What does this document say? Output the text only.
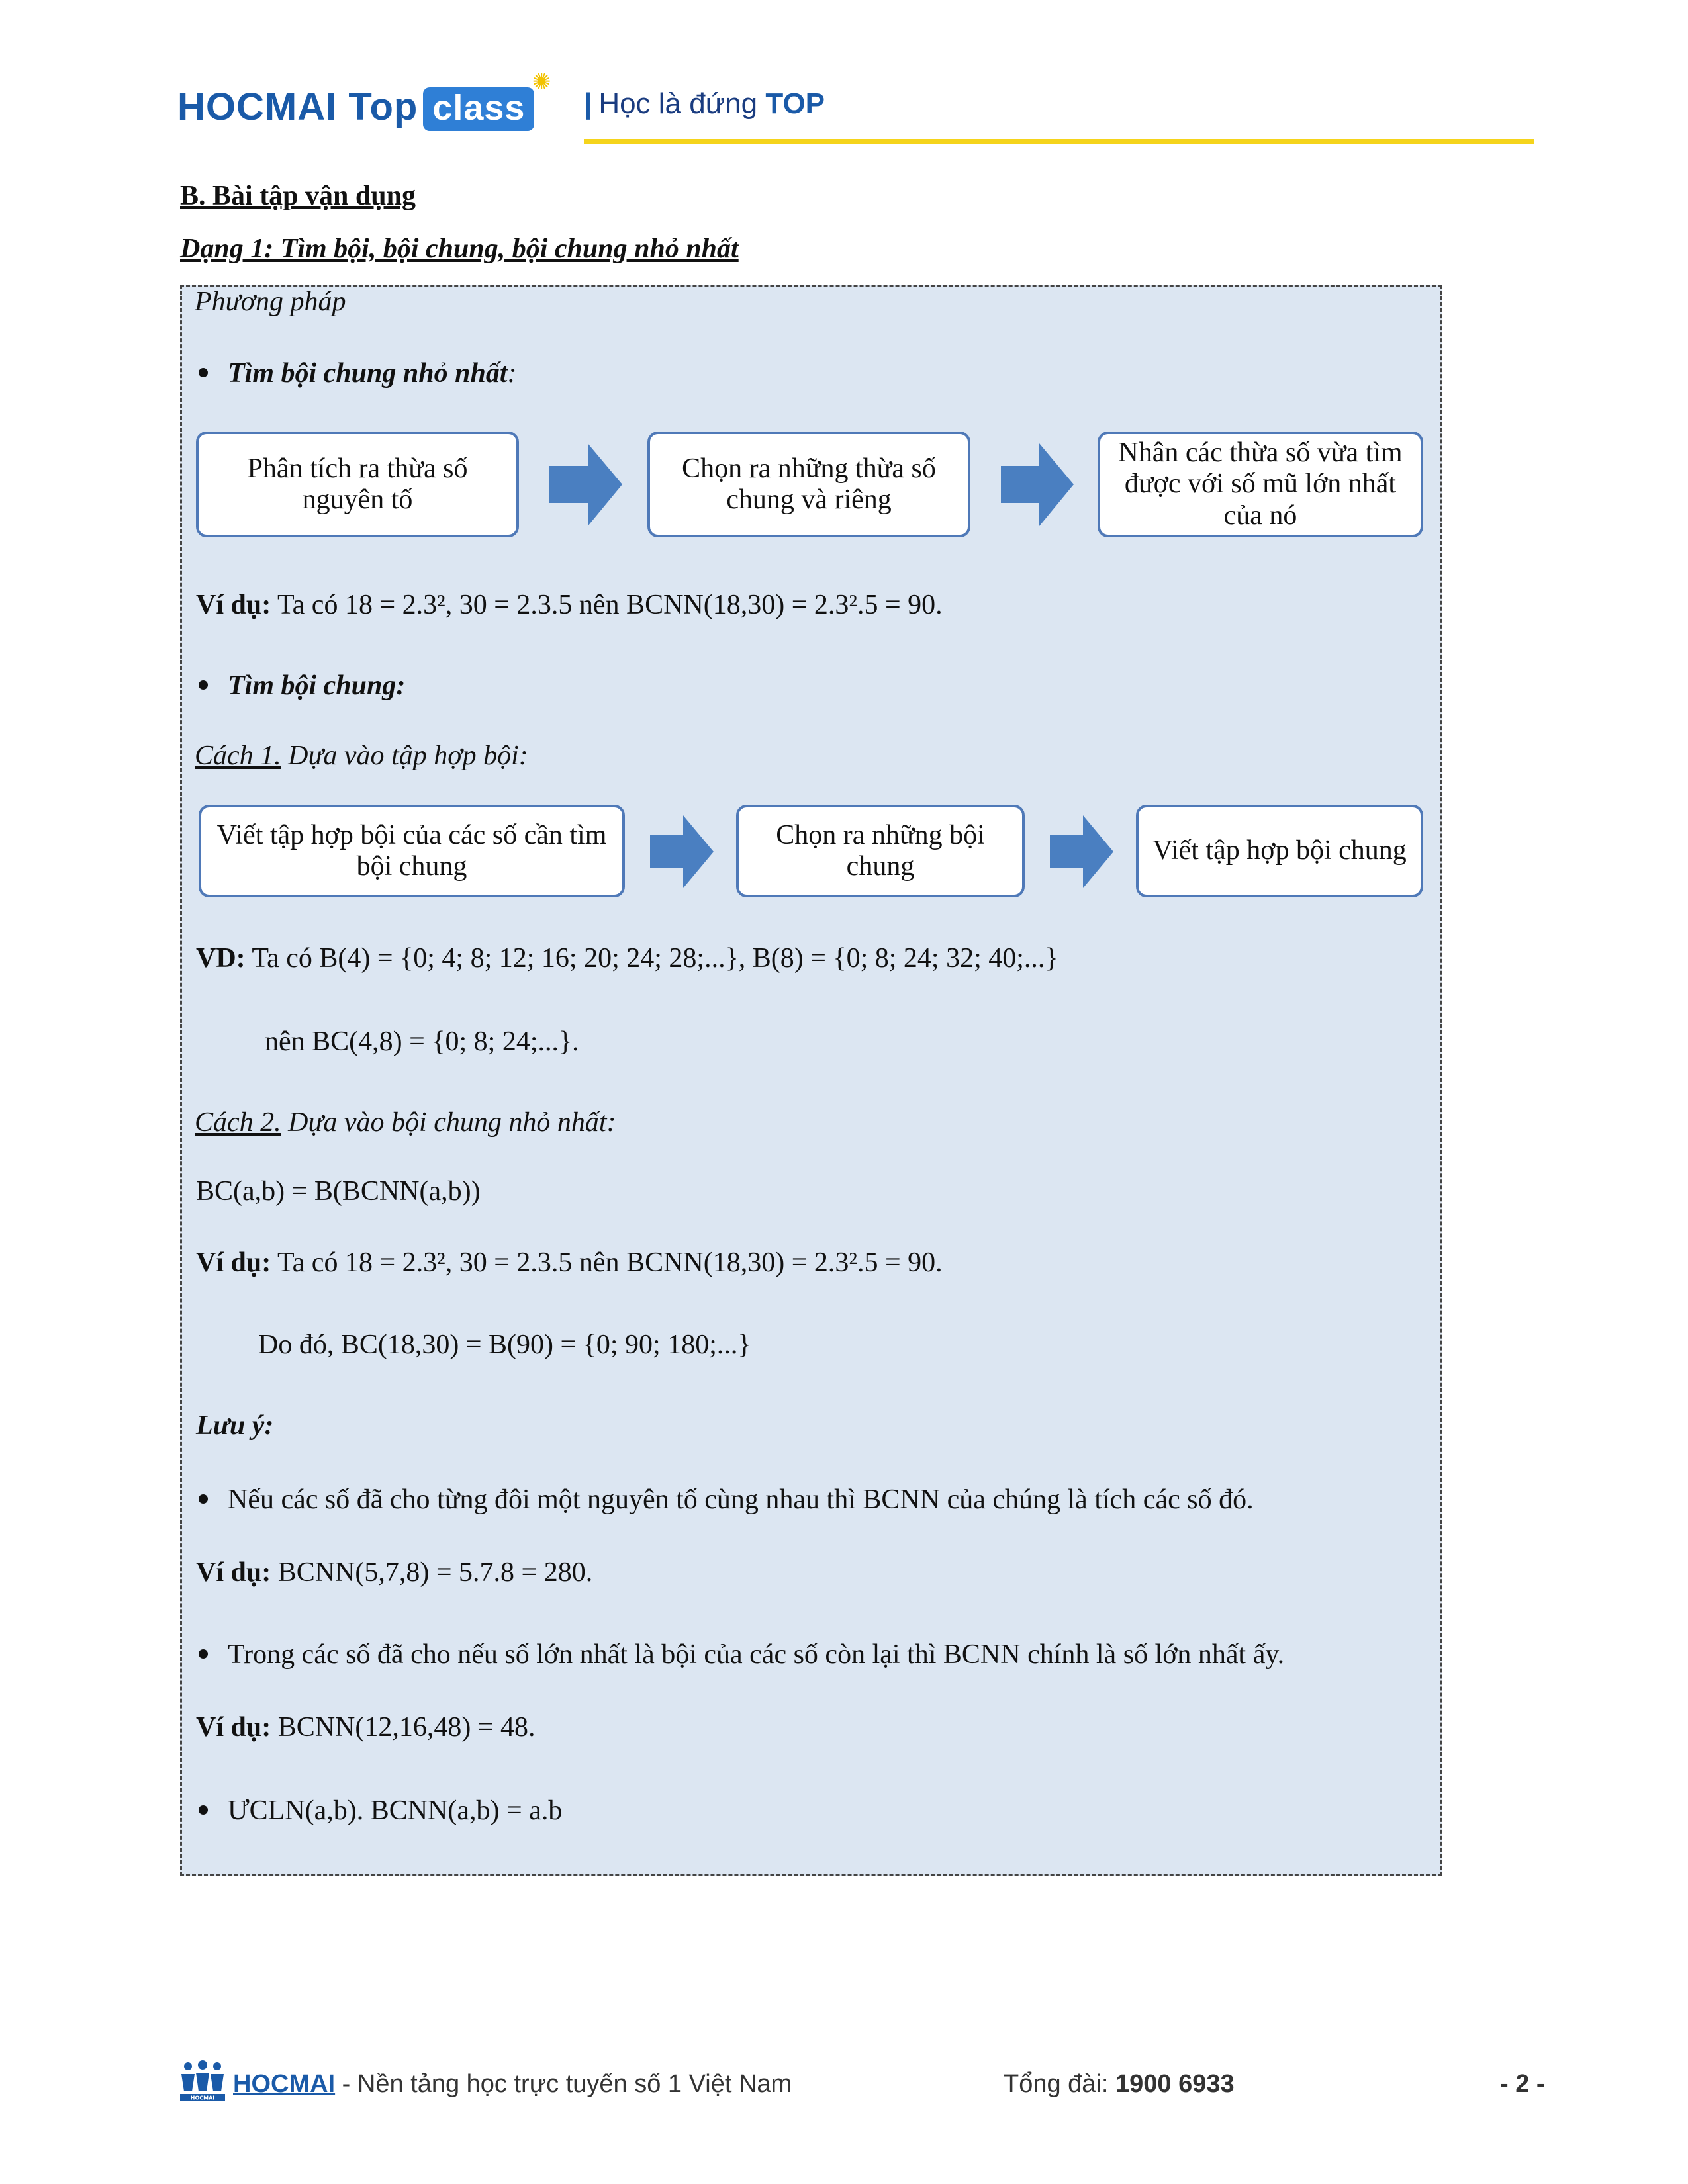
HOCMAI Top class
✺
| Học là đứng TOP
B. Bài tập vận dụng
Dạng 1: Tìm bội, bội chung, bội chung nhỏ nhất
Phương pháp
Tìm bội chung nhỏ nhất:
Phân tích ra thừa số nguyên tố
Chọn ra những thừa số chung và riêng
Nhân các thừa số vừa tìm được với số mũ lớn nhất của nó
Ví dụ: Ta có 18 = 2.3², 30 = 2.3.5 nên BCNN(18,30) = 2.3².5 = 90.
Tìm bội chung:
Cách 1. Dựa vào tập hợp bội:
Viết tập hợp bội của các số cần tìm bội chung
Chọn ra những bội chung
Viết tập hợp bội chung
VD: Ta có B(4) = {0; 4; 8; 12; 16; 20; 24; 28;...}, B(8) = {0; 8; 24; 32; 40;...}
nên BC(4,8) = {0; 8; 24;...}.
Cách 2. Dựa vào bội chung nhỏ nhất:
BC(a,b) = B(BCNN(a,b))
Ví dụ: Ta có 18 = 2.3², 30 = 2.3.5 nên BCNN(18,30) = 2.3².5 = 90.
Do đó, BC(18,30) = B(90) = {0; 90; 180;...}
Lưu ý:
Nếu các số đã cho từng đôi một nguyên tố cùng nhau thì BCNN của chúng là tích các số đó.
Ví dụ: BCNN(5,7,8) = 5.7.8 = 280.
Trong các số đã cho nếu số lớn nhất là bội của các số còn lại thì BCNN chính là số lớn nhất ấy.
Ví dụ: BCNN(12,16,48) = 48.
ƯCLN(a,b). BCNN(a,b) = a.b
HOCMAI HOCMAI - Nền tảng học trực tuyến số 1 Việt Nam	Tổng đài: 1900 6933	- 2 -
